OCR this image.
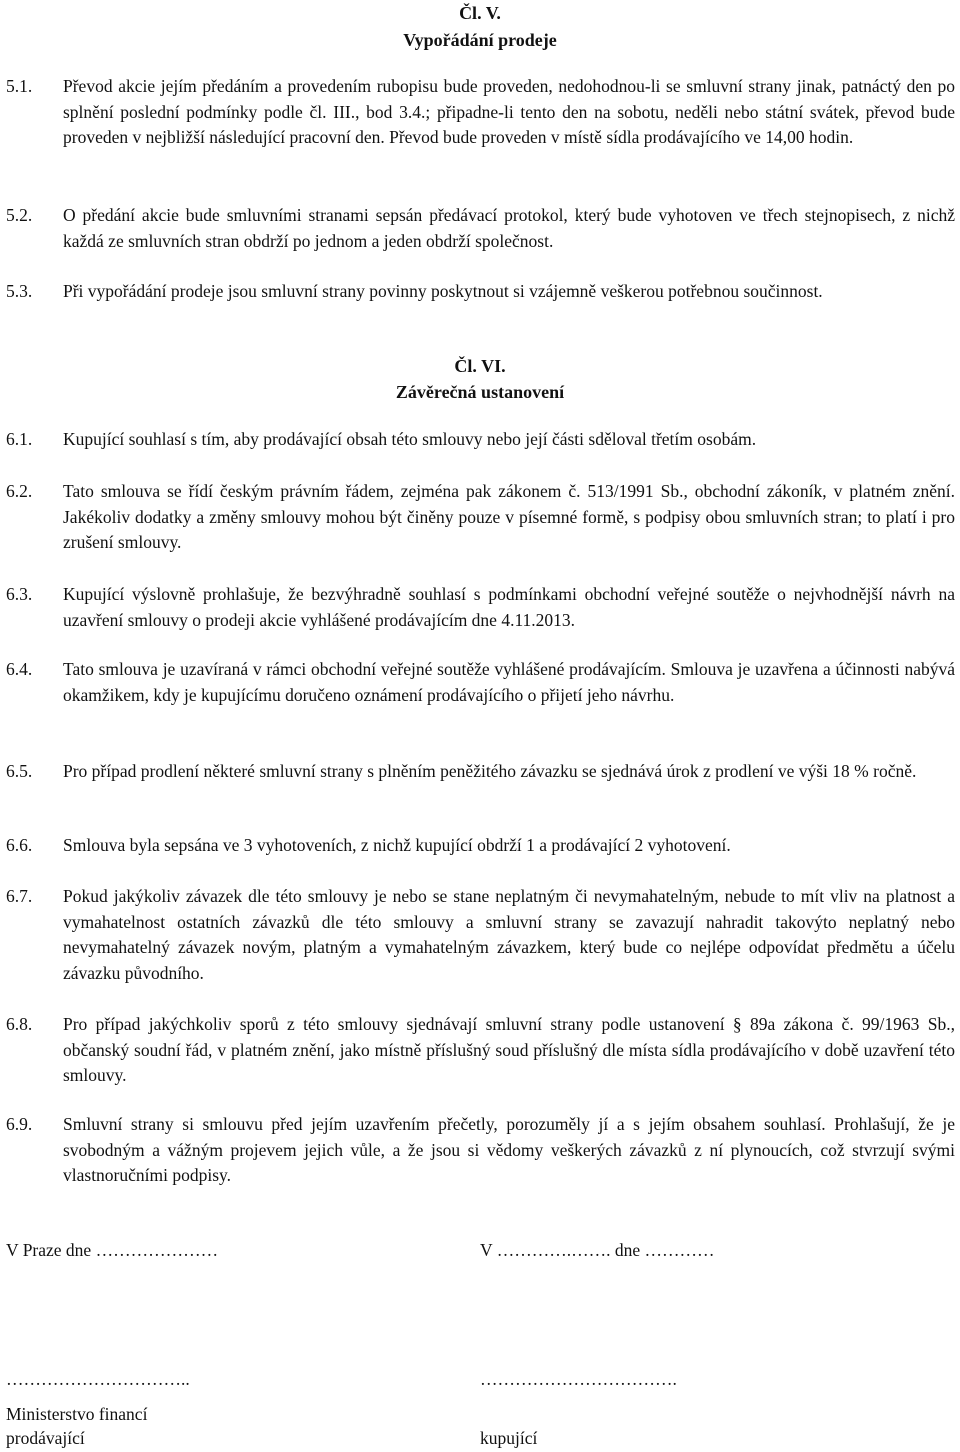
Čl. V.
Vypořádání prodeje
5.1. Převod akcie jejím předáním a provedením rubopisu bude proveden, nedohodnou-li se smluvní strany jinak, patnáctý den po splnění poslední podmínky podle čl. III., bod 3.4.; připadne-li tento den na sobotu, neděli nebo státní svátek, převod bude proveden v nejbližší následující pracovní den. Převod bude proveden v místě sídla prodávajícího ve 14,00 hodin.
5.2. O předání akcie bude smluvními stranami sepsán předávací protokol, který bude vyhotoven ve třech stejnopisech, z nichž každá ze smluvních stran obdrží po jednom a jeden obdrží společnost.
5.3. Při vypořádání prodeje jsou smluvní strany povinny poskytnout si vzájemně veškerou potřebnou součinnost.
Čl. VI.
Závěrečná ustanovení
6.1. Kupující souhlasí s tím, aby prodávající obsah této smlouvy nebo její části sděloval třetím osobám.
6.2. Tato smlouva se řídí českým právním řádem, zejména pak zákonem č. 513/1991 Sb., obchodní zákoník, v platném znění. Jakékoliv dodatky a změny smlouvy mohou být činěny pouze v písemné formě, s podpisy obou smluvních stran; to platí i pro zrušení smlouvy.
6.3. Kupující výslovně prohlašuje, že bezvýhradně souhlasí s podmínkami obchodní veřejné soutěže o nejvhodnější návrh na uzavření smlouvy o prodeji akcie vyhlášené prodávajícím dne 4.11.2013.
6.4. Tato smlouva je uzavíraná v rámci obchodní veřejné soutěže vyhlášené prodávajícím. Smlouva je uzavřena a účinnosti nabývá okamžikem, kdy je kupujícímu doručeno oznámení prodávajícího o přijetí jeho návrhu.
6.5. Pro případ prodlení některé smluvní strany s plněním peněžitého závazku se sjednává úrok z prodlení ve výši 18 % ročně.
6.6. Smlouva byla sepsána ve 3 vyhotoveních, z nichž kupující obdrží 1 a prodávající 2 vyhotovení.
6.7. Pokud jakýkoliv závazek dle této smlouvy je nebo se stane neplatným či nevymahatelným, nebude to mít vliv na platnost a vymahatelnost ostatních závazků dle této smlouvy a smluvní strany se zavazují nahradit takovýto neplatný nebo nevymahatelný závazek novým, platným a vymahatelným závazkem, který bude co nejlépe odpovídat předmětu a účelu závazku původního.
6.8. Pro případ jakýchkoliv sporů z této smlouvy sjednávají smluvní strany podle ustanovení § 89a zákona č. 99/1963 Sb., občanský soudní řád, v platném znění, jako místně příslušný soud příslušný dle místa sídla prodávajícího v době uzavření této smlouvy.
6.9. Smluvní strany si smlouvu před jejím uzavřením přečetly, porozuměly jí a s jejím obsahem souhlasí. Prohlašují, že je svobodným a vážným projevem jejich vůle, a že jsou si vědomy veškerých závazků z ní plynoucích, což stvrzují svými vlastnoručními podpisy.
V Praze dne …………………	V ………….……. dne …………
…………………………..	…………………………….
Ministerstvo financí
prodávající	kupující
